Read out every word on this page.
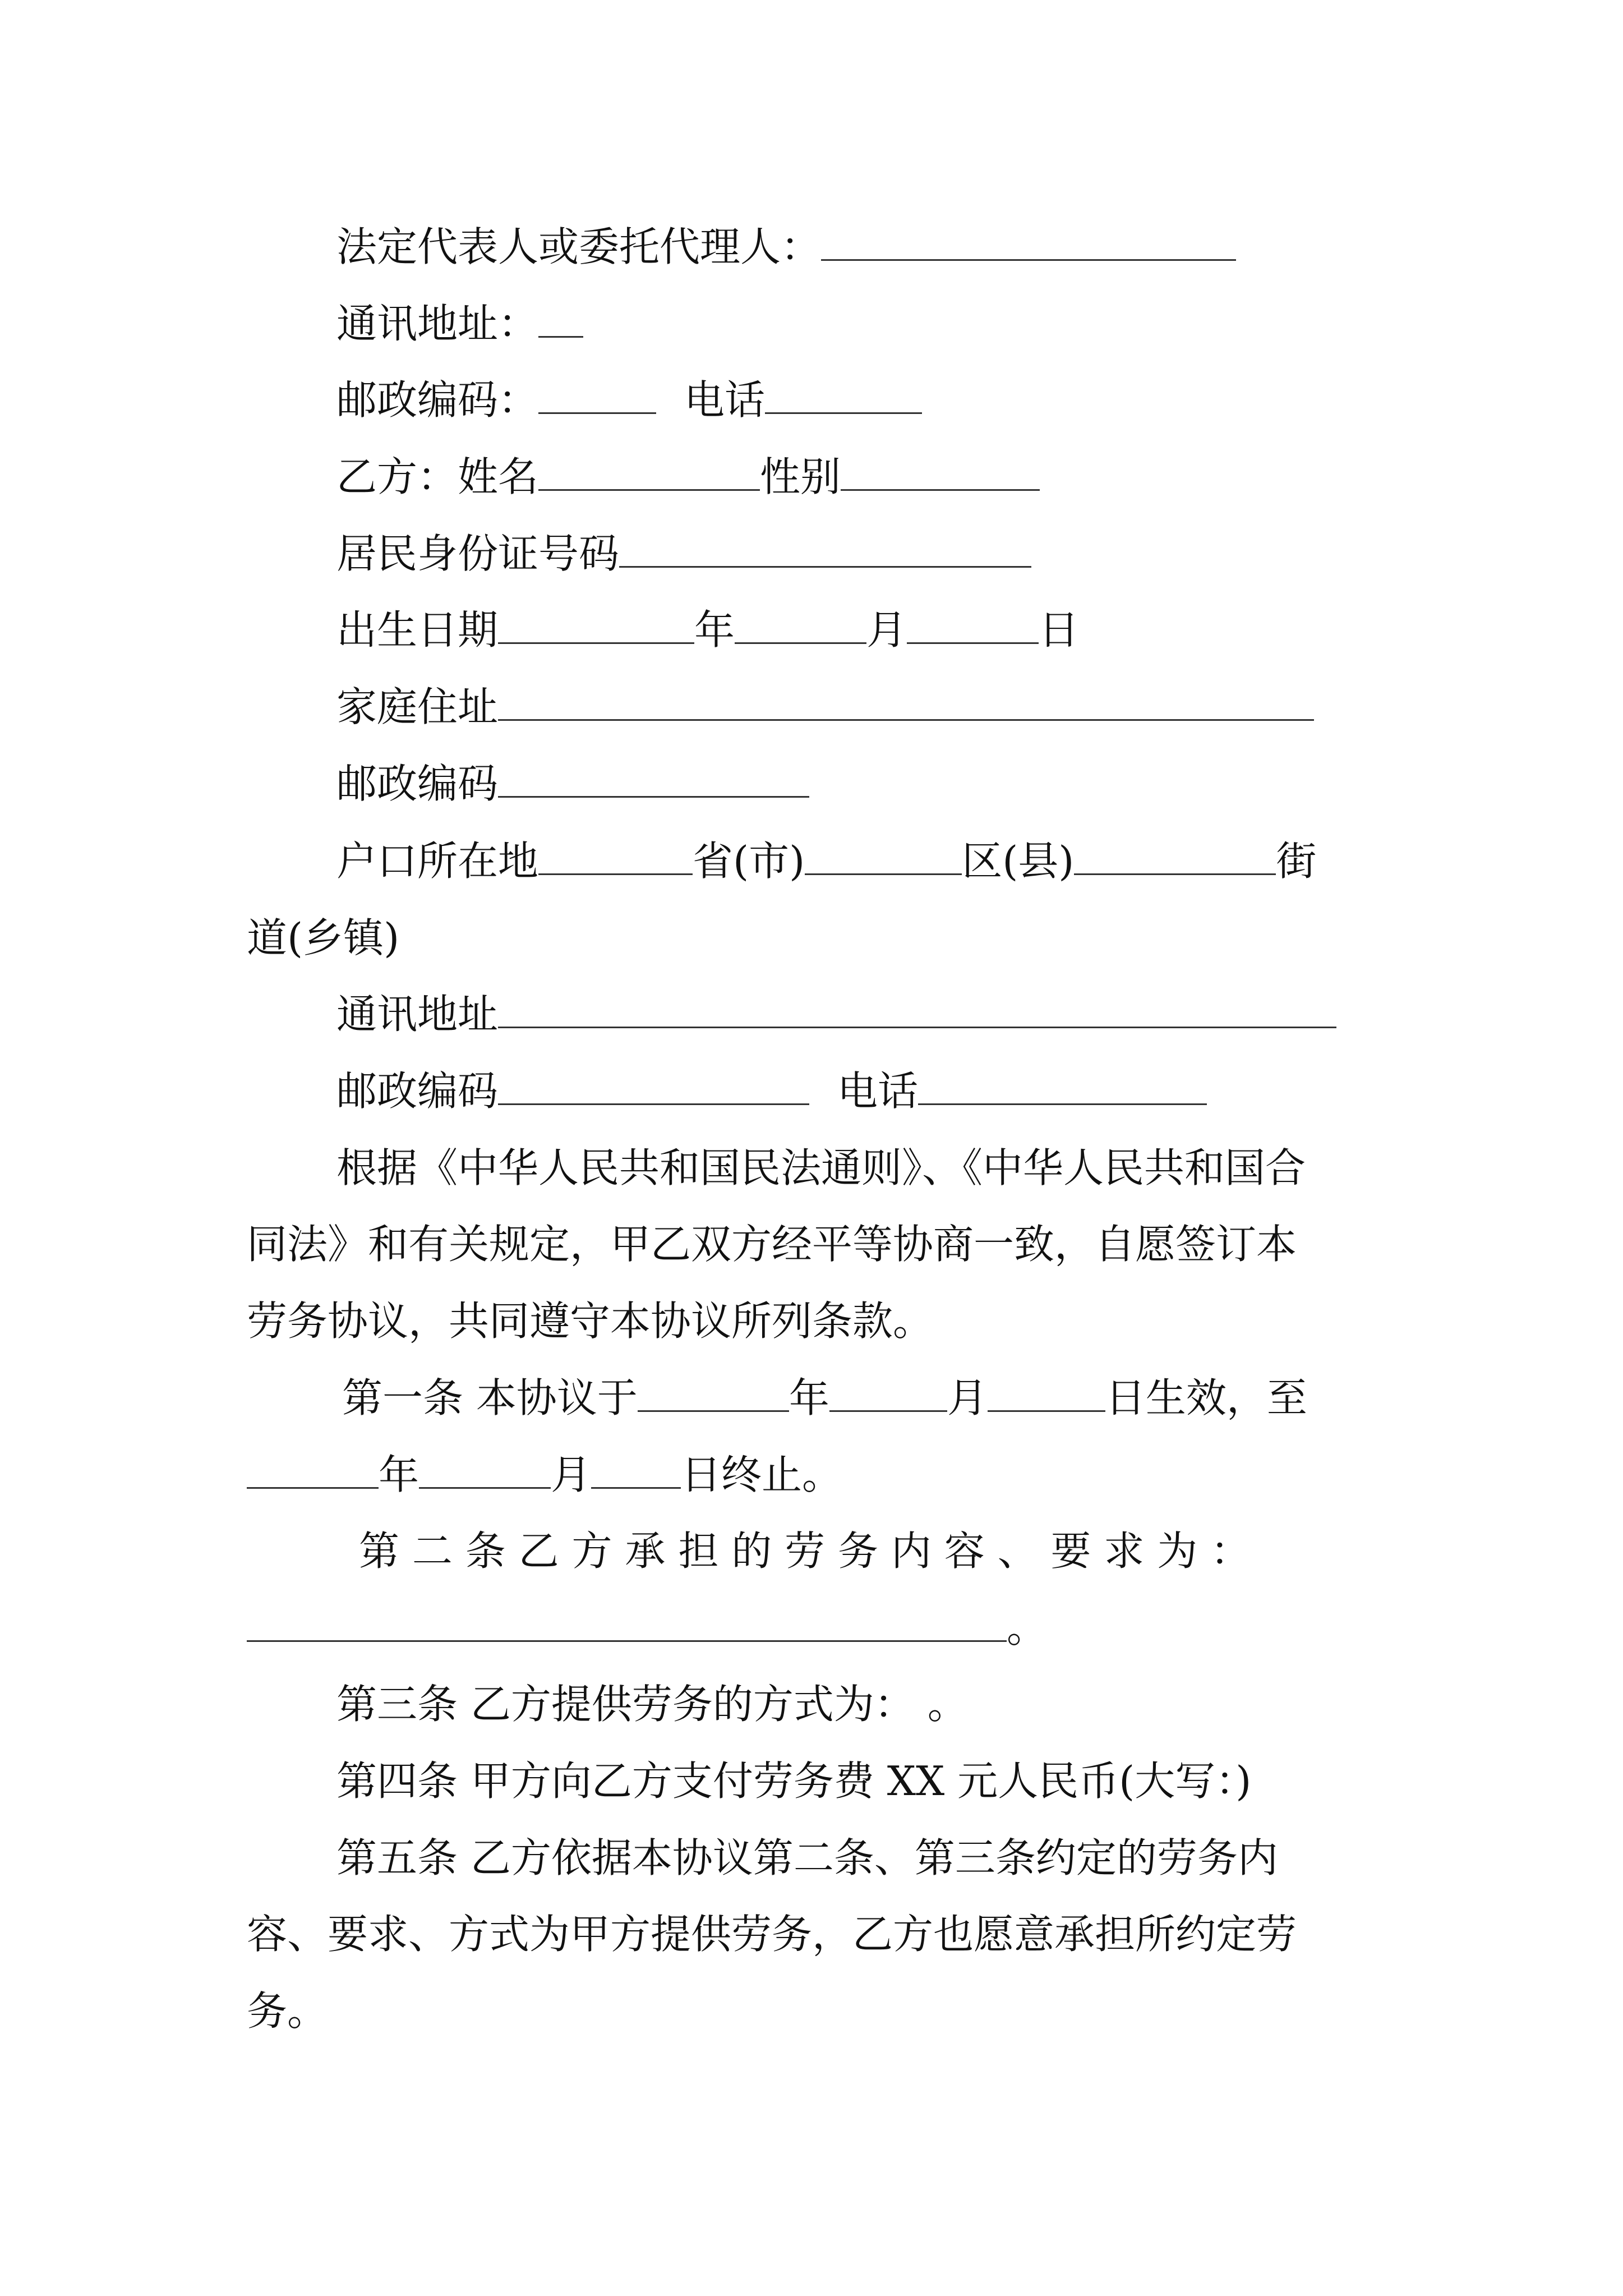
法定代表人或委托代理人：
通讯地址：
邮政编码：	电话
乙方：姓名	性别
居民身份证号码
出生日期	年	月	日
家庭住址
邮政编码
户口所在地	省(市)	区(县)	街
道(乡镇)
通讯地址
邮政编码	电话
根据《中华人民共和国民法通则》、《中华人民共和国合
同法》和有关规定，甲乙双方经平等协商一致，自愿签订本
劳务协议，共同遵守本协议所列条款。
第一条 本协议于	年	月	日生效，至
年	月 日终止。
第 二 条 乙 方 承 担 的 劳 务 内 容 、 要 求 为 ：
。
第三条 乙方提供劳务的方式为： 。
第四条 甲方向乙方支付劳务费 XX 元人民币(大写：)
第五条 乙方依据本协议第二条、第三条约定的劳务内
容、要求、方式为甲方提供劳务，乙方也愿意承担所约定劳
务。
